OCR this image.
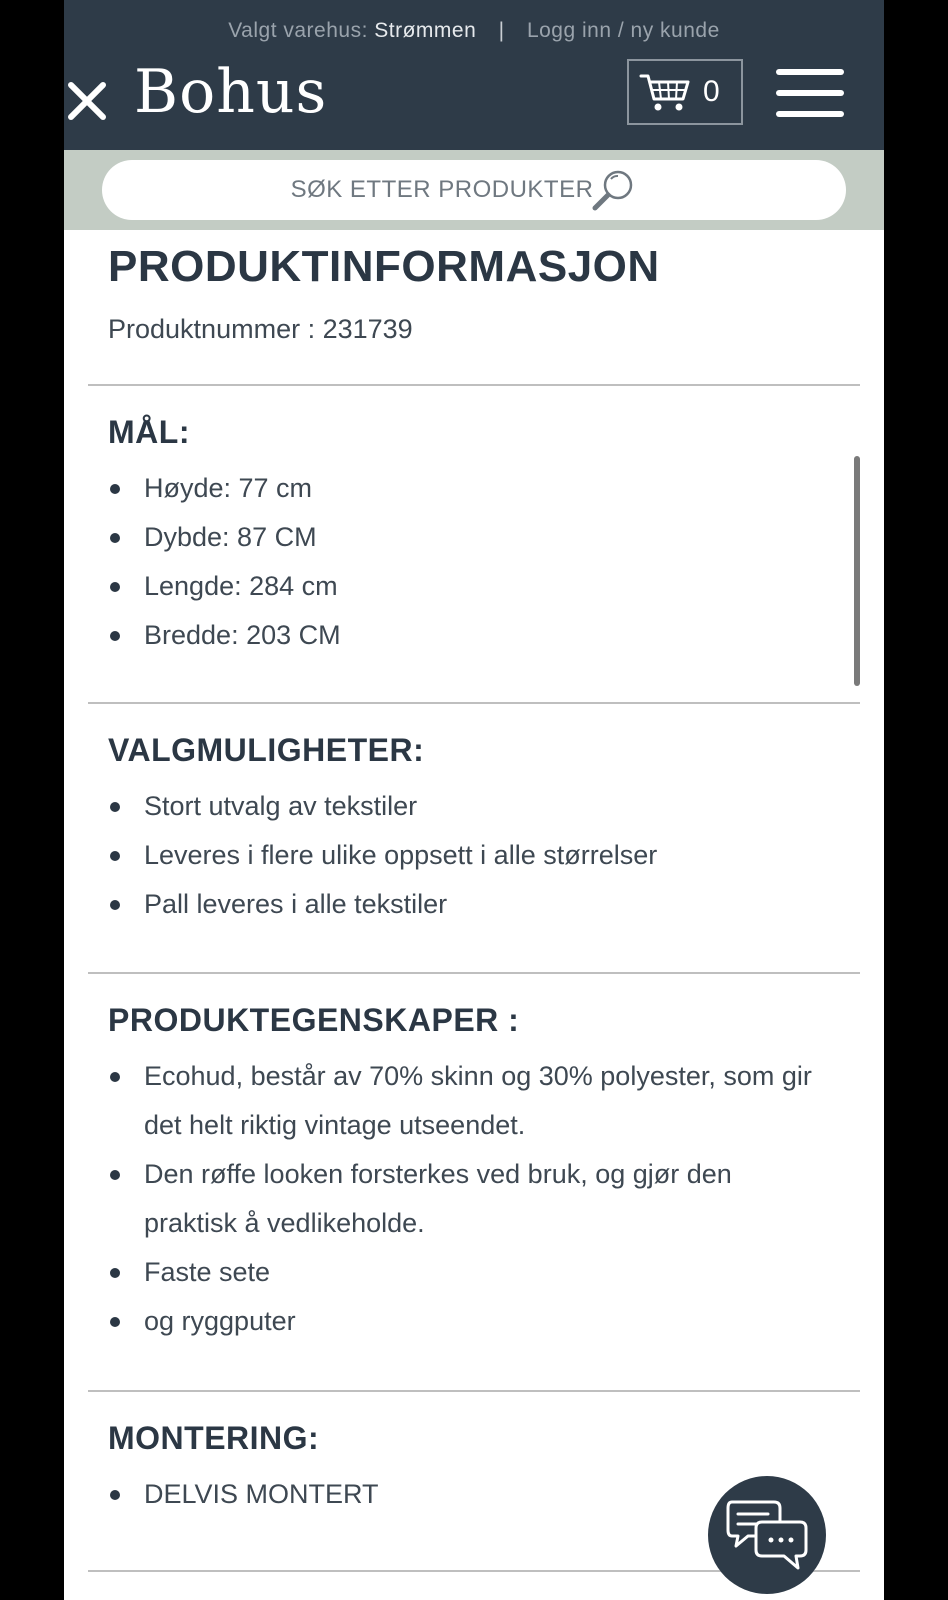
Valgt varehus: Strømmen | Logg inn / ny kunde
Bohus	0
SØK ETTER PRODUKTER
PRODUKTINFORMASJON
Produktnummer : 231739
MÅL:
Høyde: 77 cm
Dybde: 87 CM
Lengde: 284 cm
Bredde: 203 CM
VALGMULIGHETER:
Stort utvalg av tekstiler
Leveres i flere ulike oppsett i alle størrelser
Pall leveres i alle tekstiler
PRODUKTEGENSKAPER :
Ecohud, består av 70% skinn og 30% polyester, som gir det helt riktig vintage utseendet.
Den røffe looken forsterkes ved bruk, og gjør den praktisk å vedlikeholde.
Faste sete
og ryggputer
MONTERING:
DELVIS MONTERT
